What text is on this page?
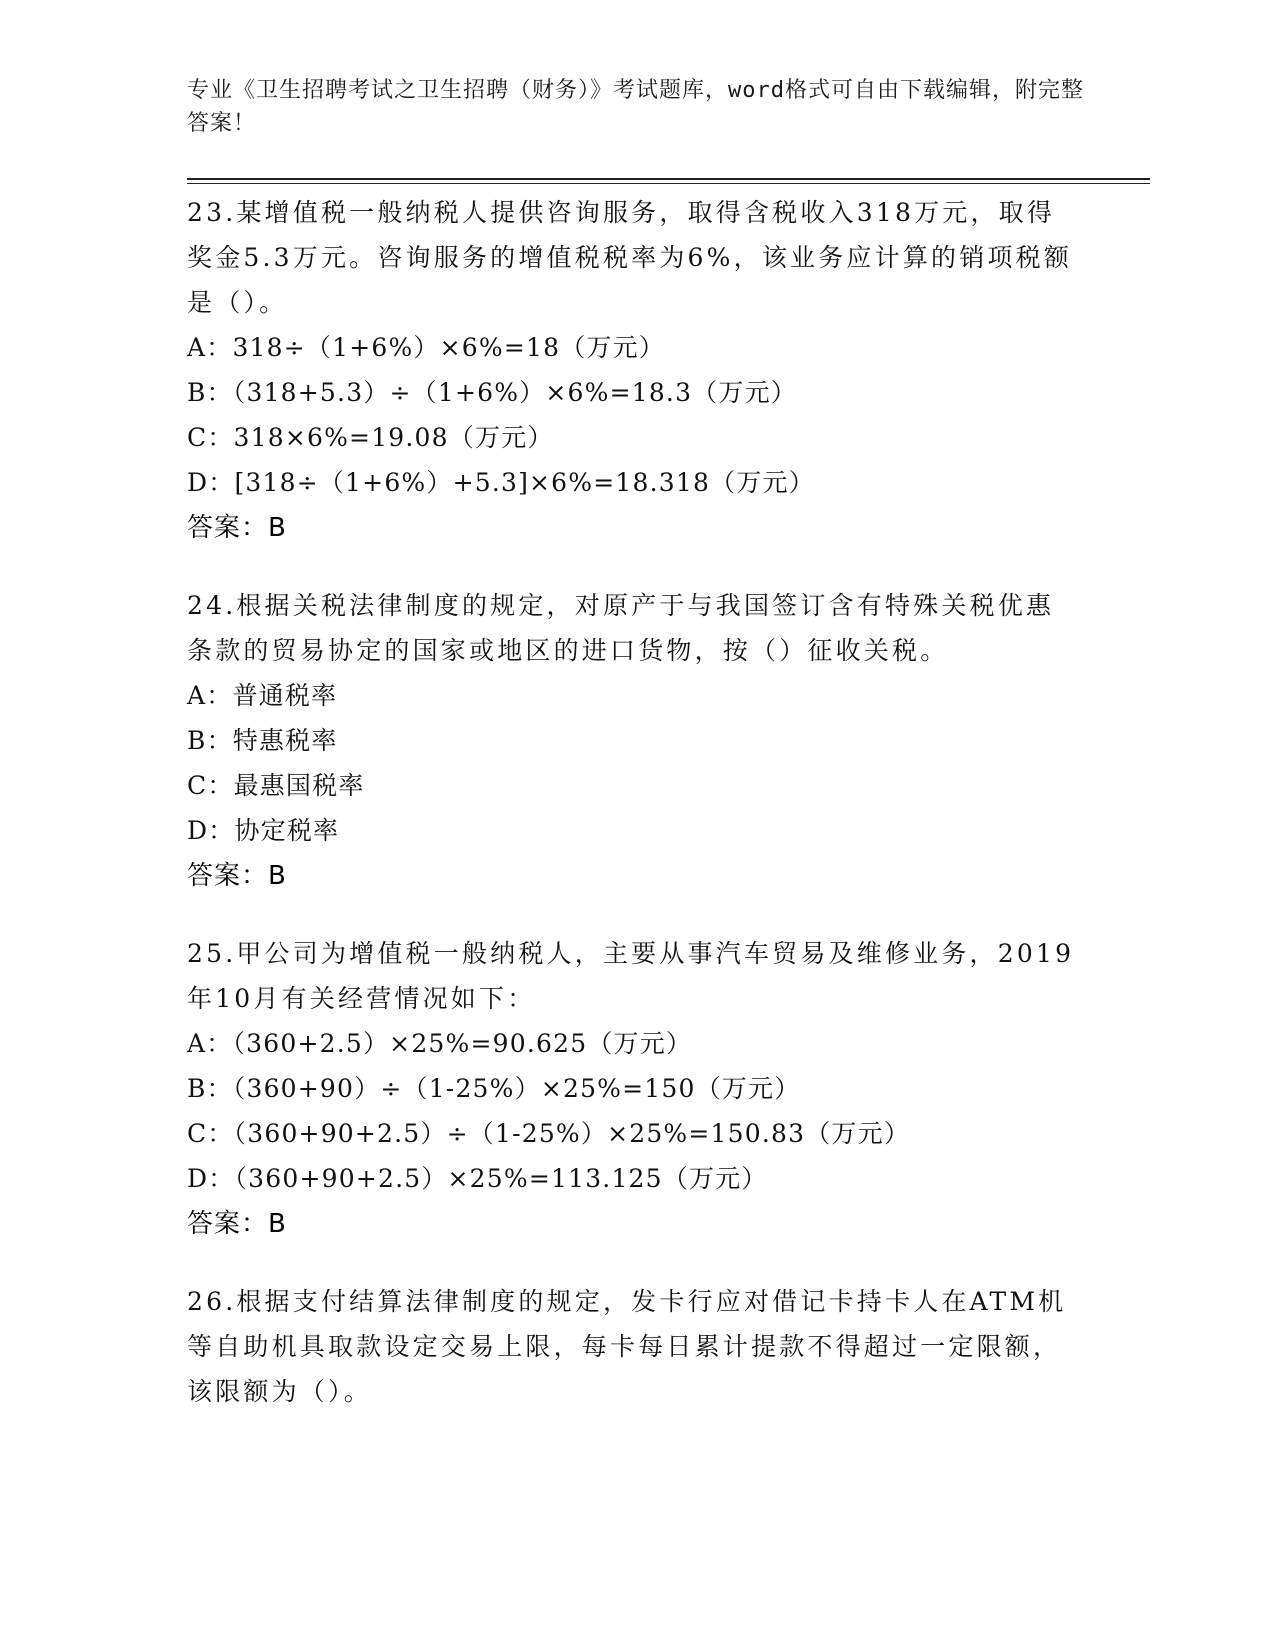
专业《卫生招聘考试之卫生招聘（财务）》考试题库，word格式可自由下载编辑，附完整答案！
23.某增值税一般纳税人提供咨询服务，取得含税收入318万元，取得奖金5.3万元。咨询服务的增值税税率为6%，该业务应计算的销项税额是（）。
A：318÷（1+6%）×6%=18（万元）
B：（318+5.3）÷（1+6%）×6%=18.3（万元）
C：318×6%=19.08（万元）
D：[318÷（1+6%）+5.3]×6%=18.318（万元）
答案：B
24.根据关税法律制度的规定，对原产于与我国签订含有特殊关税优惠条款的贸易协定的国家或地区的进口货物，按（）征收关税。
A：普通税率
B：特惠税率
C：最惠国税率
D：协定税率
答案：B
25.甲公司为增值税一般纳税人，主要从事汽车贸易及维修业务，2019年10月有关经营情况如下：
A：（360+2.5）×25%=90.625（万元）
B：（360+90）÷（1-25%）×25%=150（万元）
C：（360+90+2.5）÷（1-25%）×25%=150.83（万元）
D：（360+90+2.5）×25%=113.125（万元）
答案：B
26.根据支付结算法律制度的规定，发卡行应对借记卡持卡人在ATM机等自助机具取款设定交易上限，每卡每日累计提款不得超过一定限额，该限额为（）。
